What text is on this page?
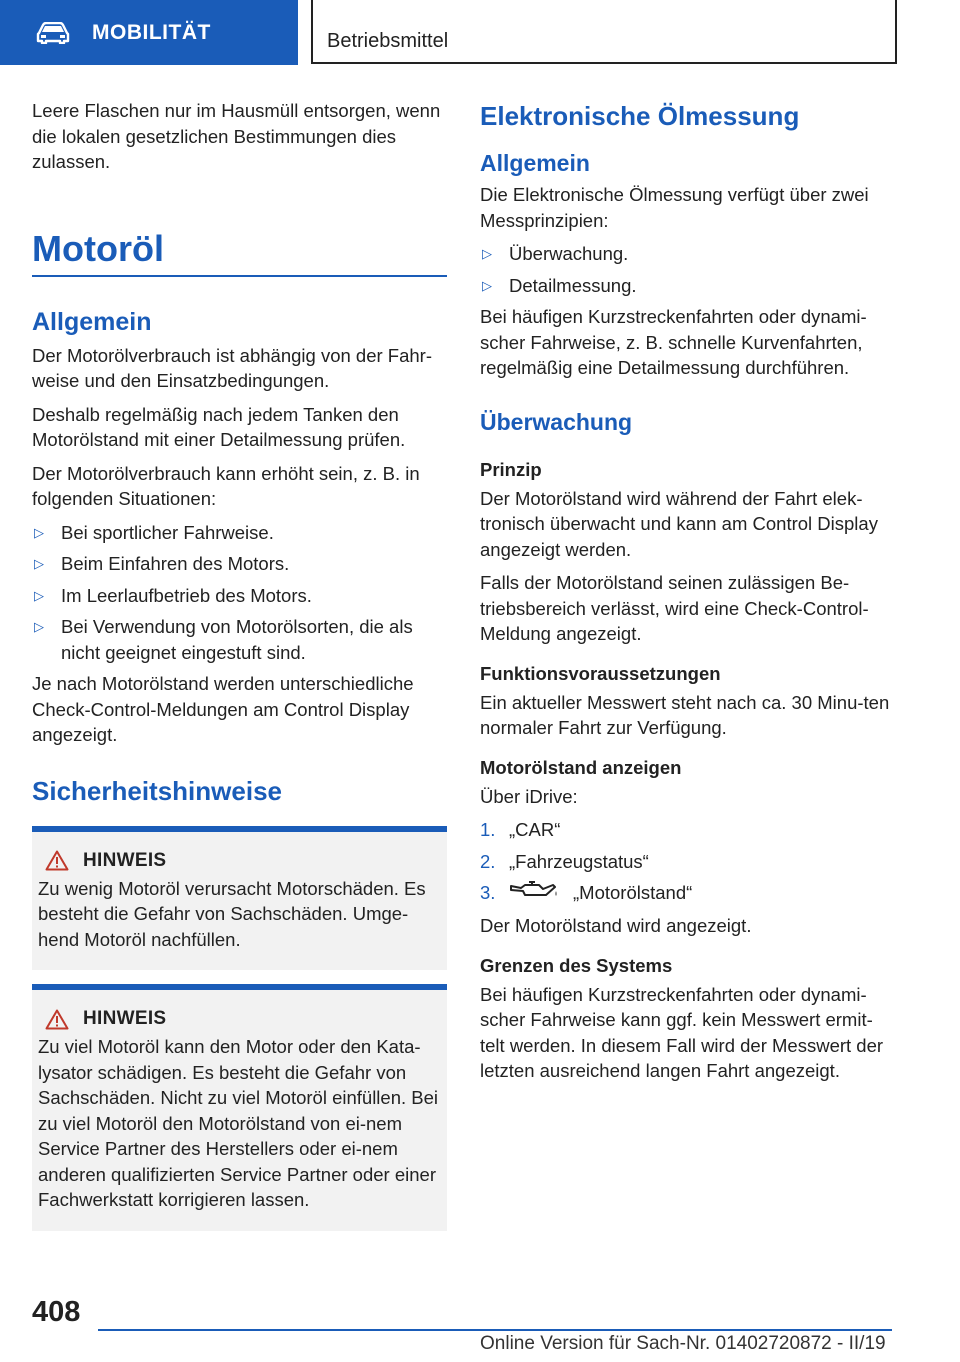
MOBILITÄT	Betriebsmittel

Leere Flaschen nur im Hausmüll entsorgen, wenn die lokalen gesetzlichen Bestimmungen dies zulassen.

Motoröl
Allgemein

Der Motorölverbrauch ist abhängig von der Fahr-weise und den Einsatzbedingungen.

Deshalb regelmäßig nach jedem Tanken den Motorölstand mit einer Detailmessung prüfen.

Der Motorölverbrauch kann erhöht sein, z. B. in folgenden Situationen:

▷ Bei sportlicher Fahrweise.
▷ Beim Einfahren des Motors.
▷ Im Leerlaufbetrieb des Motors.
▷ Bei Verwendung von Motorölsorten, die als nicht geeignet eingestuft sind.

Je nach Motorölstand werden unterschiedliche Check-Control-Meldungen am Control Display angezeigt.

Sicherheitshinweise
HINWEIS

Zu wenig Motoröl verursacht Motorschäden. Es besteht die Gefahr von Sachschäden. Umge-hend Motoröl nachfüllen.

HINWEIS

Zu viel Motoröl kann den Motor oder den Kata-lysator schädigen. Es besteht die Gefahr von Sachschäden. Nicht zu viel Motoröl einfüllen. Bei zu viel Motoröl den Motorölstand von ei-nem Service Partner des Herstellers oder ei-nem anderen qualifizierten Service Partner oder einer Fachwerkstatt korrigieren lassen.

Elektronische Ölmessung
Allgemein

Die Elektronische Ölmessung verfügt über zwei Messprinzipien:

▷ Überwachung.
▷ Detailmessung.

Bei häufigen Kurzstreckenfahrten oder dynami-scher Fahrweise, z. B. schnelle Kurvenfahrten, regelmäßig eine Detailmessung durchführen.

Überwachung
Prinzip

Der Motorölstand wird während der Fahrt elek-tronisch überwacht und kann am Control Display angezeigt werden.

Falls der Motorölstand seinen zulässigen Be-triebsbereich verlässt, wird eine Check-Control-Meldung angezeigt.

Funktionsvoraussetzungen

Ein aktueller Messwert steht nach ca. 30 Minu-ten normaler Fahrt zur Verfügung.

Motorölstand anzeigen

Über iDrive:

1. „CAR“
2. „Fahrzeugstatus“
3.	„Motorölstand“

Der Motorölstand wird angezeigt.

Grenzen des Systems

Bei häufigen Kurzstreckenfahrten oder dynami-scher Fahrweise kann ggf. kein Messwert ermit-telt werden. In diesem Fall wird der Messwert der letzten ausreichend langen Fahrt angezeigt.

408
Online Version für Sach-Nr. 01402720872 - II/19
